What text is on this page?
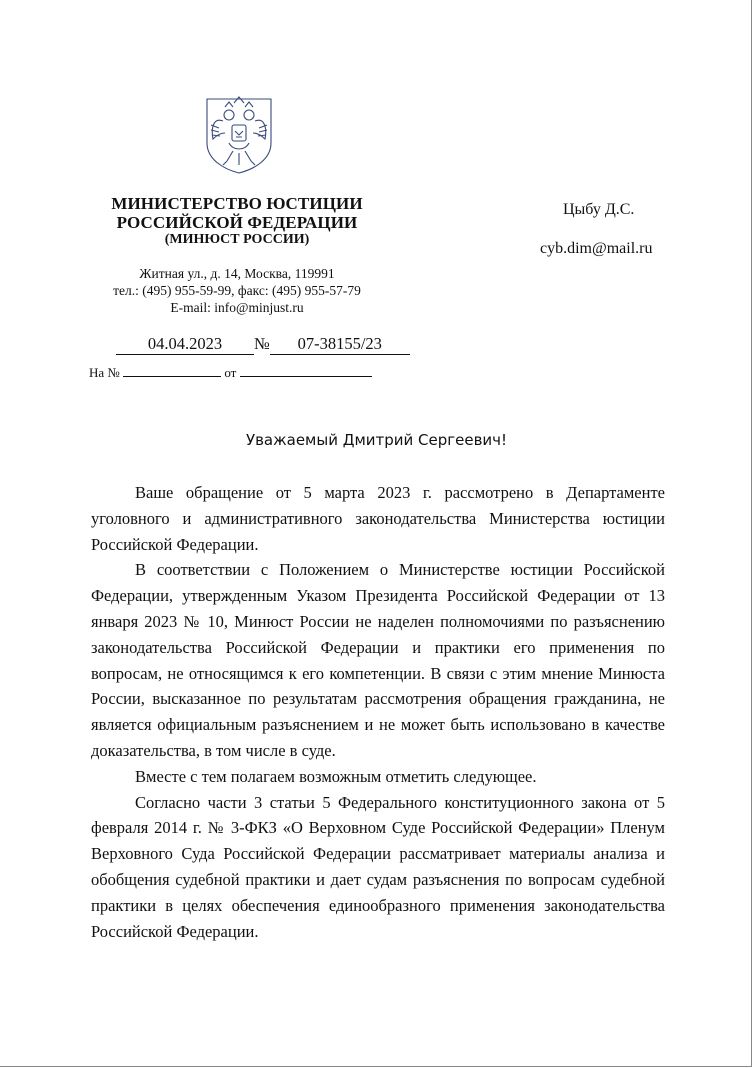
МИНИСТЕРСТВО ЮСТИЦИИ
РОССИЙСКОЙ ФЕДЕРАЦИИ
(МИНЮСТ РОССИИ)
Житная ул., д. 14, Москва, 119991
тел.: (495) 955-59-99, факс: (495) 955-57-79
E-mail: info@minjust.ru
Цыбу Д.С.
cyb.dim@mail.ru
04.04.2023 № 07-38155/23
На №	от
Уважаемый Дмитрий Сергеевич!

Ваше обращение от 5 марта 2023 г. рассмотрено в Департаменте уголовного и административного законодательства Министерства юстиции Российской Федерации.

В соответствии с Положением о Министерстве юстиции Российской Федерации, утвержденным Указом Президента Российской Федерации от 13 января 2023 № 10, Минюст России не наделен полномочиями по разъяснению законодательства Российской Федерации и практики его применения по вопросам, не относящимся к его компетенции. В связи с этим мнение Минюста России, высказанное по результатам рассмотрения обращения гражданина, не является официальным разъяснением и не может быть использовано в качестве доказательства, в том числе в суде.

Вместе с тем полагаем возможным отметить следующее.

Согласно части 3 статьи 5 Федерального конституционного закона от 5 февраля 2014 г. № 3-ФКЗ «О Верховном Суде Российской Федерации» Пленум Верховного Суда Российской Федерации рассматривает материалы анализа и обобщения судебной практики и дает судам разъяснения по вопросам судебной практики в целях обеспечения единообразного применения законодательства Российской Федерации.
